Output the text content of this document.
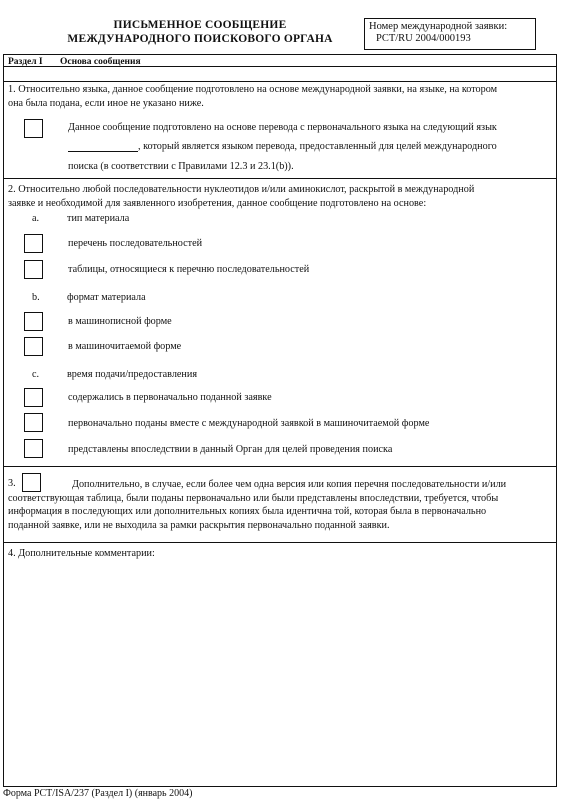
ПИСЬМЕННОЕ СООБЩЕНИЕ
МЕЖДУНАРОДНОГО ПОИСКОВОГО ОРГАНА
Номер международной заявки:
PCT/RU 2004/000193
Раздел I Основа сообщения
1. Относительно языка, данное сообщение подготовлено на основе международной заявки, на языке, на котором
она была подана, если иное не указано ниже.
Данное сообщение подготовлено на основе перевода с первоначального языка на следующий язык
, который является языком перевода, предоставленный для целей международного
поиска (в соответствии с Правилами 12.3 и 23.1(b)).
2. Относительно любой последовательности нуклеотидов и/или аминокислот, раскрытой в международной
заявке и необходимой для заявленного изобретения, данное сообщение подготовлено на основе:
a.	тип материала
перечень последовательностей
таблицы, относящиеся к перечню последовательностей
b.	формат материала
в машинописной форме
в машиночитаемой форме
c.	время подачи/предоставления
содержались в первоначально поданной заявке
первоначально поданы вместе с международной заявкой в машиночитаемой форме
представлены впоследствии в данный Орган для целей проведения поиска
3.	Дополнительно, в случае, если более чем одна версия или копия перечня последовательности и/или
соответствующая таблица, были поданы первоначально или были представлены впоследствии, требуется, чтобы
информация в последующих или дополнительных копиях была идентична той, которая была в первоначально
поданной заявке, или не выходила за рамки раскрытия первоначально поданной заявки.
4. Дополнительные комментарии:
Форма PCT/ISA/237 (Раздел I) (январь 2004)
